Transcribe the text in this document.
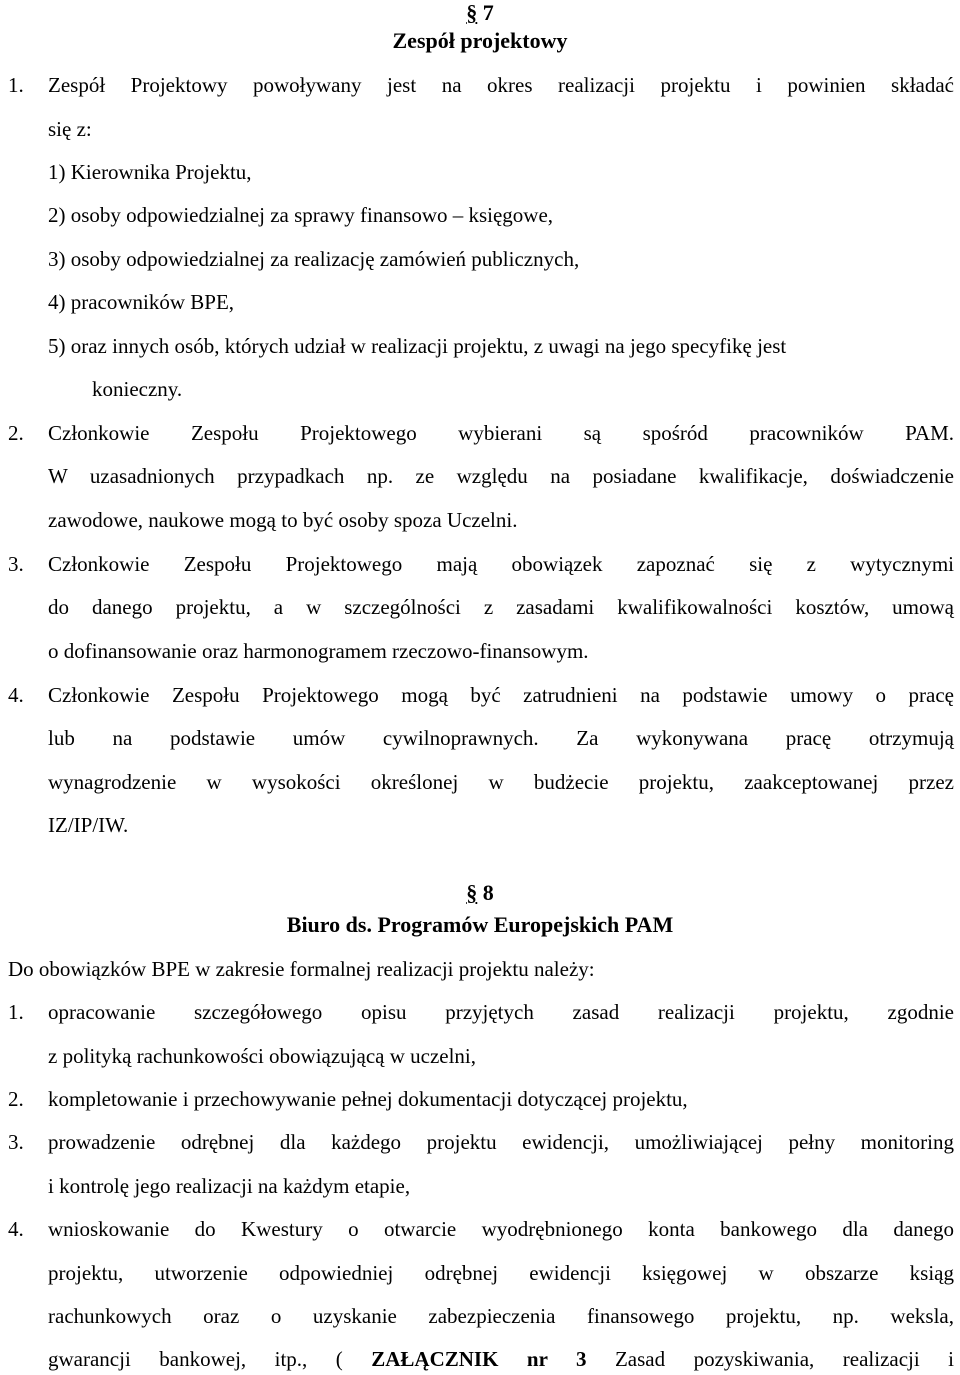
§ 7
Zespół projektowy
1. Zespół Projektowy powoływany jest na okres realizacji projektu i powinien składać
się z:
1) Kierownika Projektu,
2) osoby odpowiedzialnej za sprawy finansowo – księgowe,
3) osoby odpowiedzialnej za realizację zamówień publicznych,
4) pracowników BPE,
5) oraz innych osób, których udział w realizacji projektu, z uwagi na jego specyfikę jest
konieczny.
2. Członkowie Zespołu Projektowego wybierani są spośród pracowników PAM.
W uzasadnionych przypadkach np. ze względu na posiadane kwalifikacje, doświadczenie
zawodowe, naukowe mogą to być osoby spoza Uczelni.
3. Członkowie Zespołu Projektowego mają obowiązek zapoznać się z wytycznymi
do danego projektu, a w szczególności z zasadami kwalifikowalności kosztów, umową
o dofinansowanie oraz harmonogramem rzeczowo-finansowym.
4. Członkowie Zespołu Projektowego mogą być zatrudnieni na podstawie umowy o pracę
lub na podstawie umów cywilnoprawnych. Za wykonywana pracę otrzymują
wynagrodzenie w wysokości określonej w budżecie projektu, zaakceptowanej przez
IZ/IP/IW.
§ 8
Biuro ds. Programów Europejskich PAM
Do obowiązków BPE w zakresie formalnej realizacji projektu należy:
1. opracowanie szczegółowego opisu przyjętych zasad realizacji projektu, zgodnie
z polityką rachunkowości obowiązującą w uczelni,
2. kompletowanie i przechowywanie pełnej dokumentacji dotyczącej projektu,
3. prowadzenie odrębnej dla każdego projektu ewidencji, umożliwiającej pełny monitoring
i kontrolę jego realizacji na każdym etapie,
4. wnioskowanie do Kwestury o otwarcie wyodrębnionego konta bankowego dla danego
projektu, utworzenie odpowiedniej odrębnej ewidencji księgowej w obszarze ksiąg
rachunkowych oraz o uzyskanie zabezpieczenia finansowego projektu, np. weksla,
gwarancji bankowej, itp., ( ZAŁĄCZNIK nr 3 Zasad pozyskiwania, realizacji i
